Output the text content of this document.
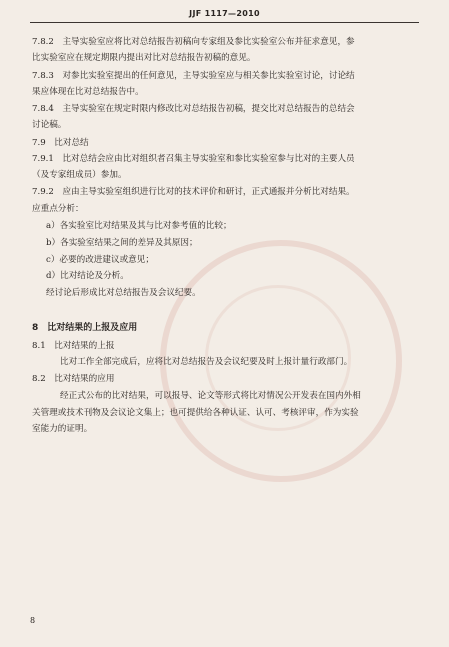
JJF 1117—2010
7.8.2　主导实验室应将比对总结报告初稿向专家组及参比实验室公布并征求意见，参
比实验室应在规定期限内提出对比对总结报告初稿的意见。
7.8.3　对参比实验室提出的任何意见，主导实验室应与相关参比实验室讨论，讨论结
果应体现在比对总结报告中。
7.8.4　主导实验室在规定时限内修改比对总结报告初稿，提交比对总结报告的总结会
讨论稿。
7.9　比对总结
7.9.1　比对总结会应由比对组织者召集主导实验室和参比实验室参与比对的主要人员
（及专家组成员）参加。
7.9.2　应由主导实验室组织进行比对的技术评价和研讨，正式通报并分析比对结果。
应重点分析：
a）各实验室比对结果及其与比对参考值的比较；
b）各实验室结果之间的差异及其原因；
c）必要的改进建议或意见；
d）比对结论及分析。
经讨论后形成比对总结报告及会议纪要。
8　比对结果的上报及应用
8.1　比对结果的上报
比对工作全部完成后，应将比对总结报告及会议纪要及时上报计量行政部门。
8.2　比对结果的应用
经正式公布的比对结果，可以报导、论文等形式将比对情况公开发表在国内外相
关管理或技术刊物及会议论文集上；也可提供给各种认证、认可、考核评审，作为实验
室能力的证明。
8
